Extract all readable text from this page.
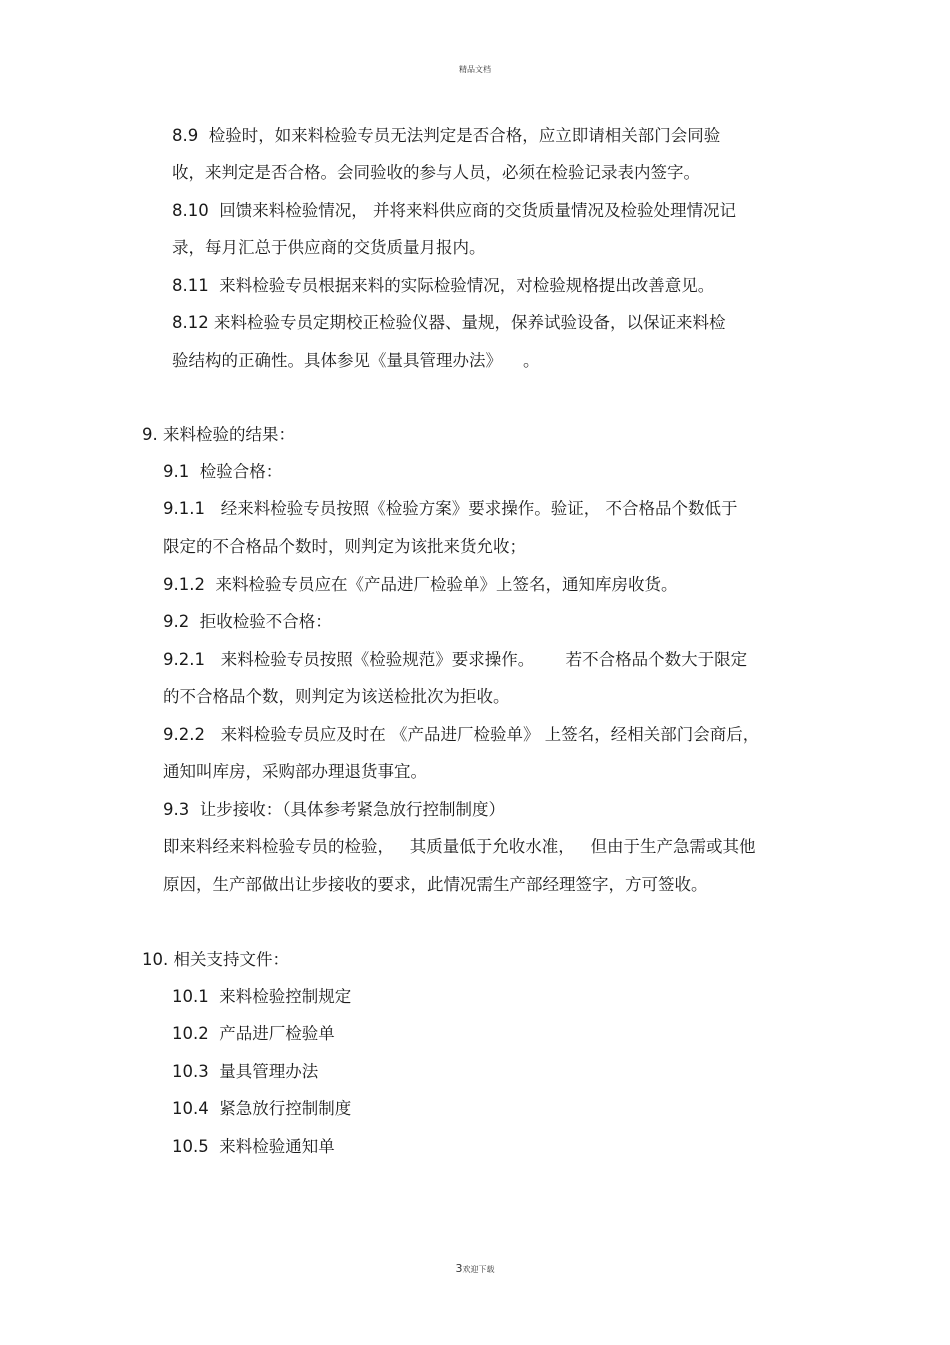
精品文档
8.9  检验时，如来料检验专员无法判定是否合格，应立即请相关部门会同验
收，来判定是否合格。会同验收的参与人员，必须在检验记录表内签字。
8.10  回馈来料检验情况， 并将来料供应商的交货质量情况及检验处理情况记
录，每月汇总于供应商的交货质量月报内。
8.11  来料检验专员根据来料的实际检验情况，对检验规格提出改善意见。
8.12 来料检验专员定期校正检验仪器、量规，保养试验设备，以保证来料检
验结构的正确性。具体参见《量具管理办法》    。
9. 来料检验的结果：
9.1  检验合格：
9.1.1   经来料检验专员按照《检验方案》要求操作。验证， 不合格品个数低于
限定的不合格品个数时，则判定为该批来货允收；
9.1.2  来料检验专员应在《产品进厂检验单》上签名，通知库房收货。
9.2  拒收检验不合格：
9.2.1   来料检验专员按照《检验规范》要求操作。      若不合格品个数大于限定
的不合格品个数，则判定为该送检批次为拒收。
9.2.2   来料检验专员应及时在 《产品进厂检验单》 上签名，经相关部门会商后，
通知叫库房，采购部办理退货事宜。
9.3  让步接收：（具体参考紧急放行控制制度）
即来料经来料检验专员的检验，   其质量低于允收水准，   但由于生产急需或其他
原因，生产部做出让步接收的要求，此情况需生产部经理签字，方可签收。
10. 相关支持文件：
10.1  来料检验控制规定
10.2  产品进厂检验单
10.3  量具管理办法
10.4  紧急放行控制制度
10.5  来料检验通知单
3欢迎下载
